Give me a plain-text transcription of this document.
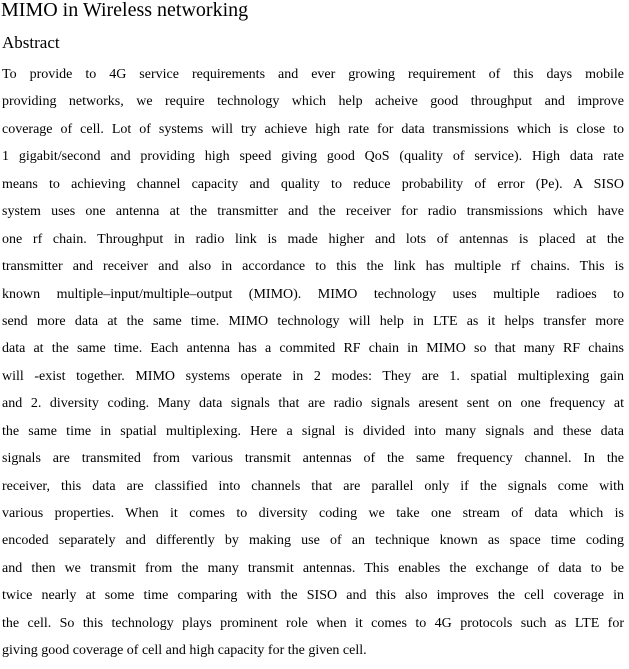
MIMO in Wireless networking
Abstract
To provide to 4G service requirements and ever growing requirement of this days mobile
providing networks, we require technology which help acheive good throughput and improve
coverage of cell. Lot of systems will try achieve high rate for data transmissions which is close to
1 gigabit/second and providing high speed giving good QoS (quality of service). High data rate
means to achieving channel capacity and quality to reduce probability of error (Pe). A SISO
system uses one antenna at the transmitter and the receiver for radio transmissions which have
one rf chain. Throughput in radio link is made higher and lots of antennas is placed at the
transmitter and receiver and also in accordance to this the link has multiple rf chains. This is
known multiple–input/multiple–output (MIMO). MIMO technology uses multiple radioes to
send more data at the same time. MIMO technology will help in LTE as it helps transfer more
data at the same time. Each antenna has a commited RF chain in MIMO so that many RF chains
will -exist together. MIMO systems operate in 2 modes: They are 1. spatial multiplexing gain
and 2. diversity coding. Many data signals that are radio signals aresent sent on one frequency at
the same time in spatial multiplexing. Here a signal is divided into many signals and these data
signals are transmited from various transmit antennas of the same frequency channel. In the
receiver, this data are classified into channels that are parallel only if the signals come with
various properties. When it comes to diversity coding we take one stream of data which is
encoded separately and differently by making use of an technique known as space time coding
and then we transmit from the many transmit antennas. This enables the exchange of data to be
twice nearly at some time comparing with the SISO and this also improves the cell coverage in
the cell. So this technology plays prominent role when it comes to 4G protocols such as LTE for
giving good coverage of cell and high capacity for the given cell.
